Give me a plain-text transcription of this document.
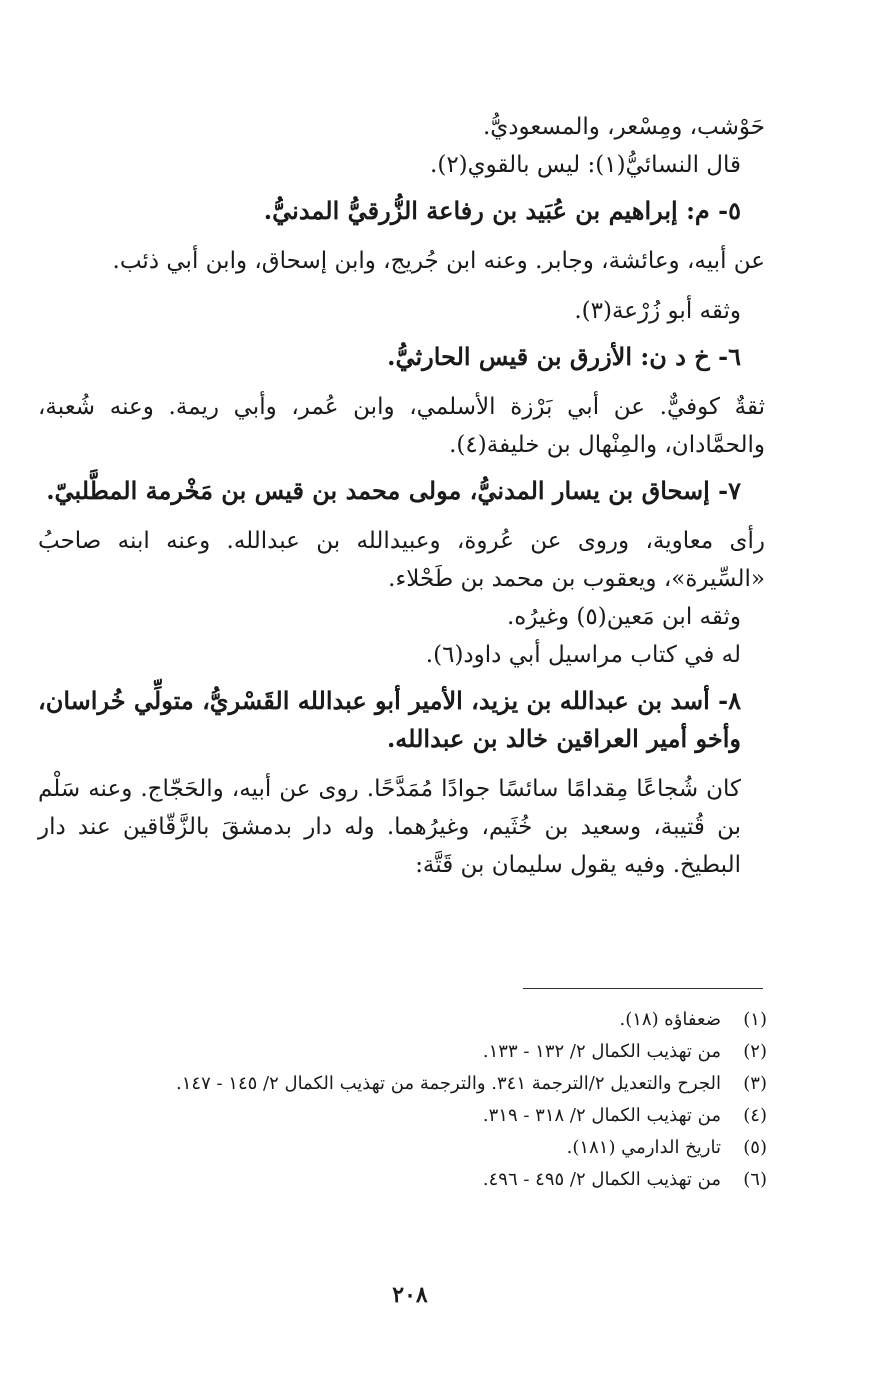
حَوْشب، ومِسْعر، والمسعوديُّ.

قال النسائيُّ(١): ليس بالقوي(٢).

٥- م: إبراهيم بن عُبَيد بن رفاعة الزُّرقيُّ المدنيُّ.

عن أبيه، وعائشة، وجابر. وعنه ابن جُريج، وابن إسحاق، وابن أبي ذئب.

وثقه أبو زُرْعة(٣).

٦- خ د ن: الأزرق بن قيس الحارثيُّ.

ثقةٌ كوفيٌّ. عن أبي بَرْزة الأسلمي، وابن عُمر، وأبي ريمة. وعنه شُعبة، والحمَّادان، والمِنْهال بن خليفة(٤).

٧- إسحاق بن يسار المدنيُّ، مولى محمد بن قيس بن مَخْرمة المطَّلبيّ.

رأى معاوية، وروى عن عُروة، وعبيدالله بن عبدالله. وعنه ابنه صاحبُ «السِّيرة»، ويعقوب بن محمد بن طَحْلاء.

وثقه ابن مَعين(٥) وغيرُه.

له في كتاب مراسيل أبي داود(٦).

٨- أسد بن عبدالله بن يزيد، الأمير أبو عبدالله القَسْريُّ، متولِّي خُراسان، وأخو أمير العراقين خالد بن عبدالله.

كان شُجاعًا مِقدامًا سائسًا جوادًا مُمَدَّحًا. روى عن أبيه، والحَجّاج. وعنه سَلْم بن قُتيبة، وسعيد بن خُثَيم، وغيرُهما. وله دار بدمشقَ بالزَّقّاقين عند دار البطيخ. وفيه يقول سليمان بن قَتَّة:

(١)
ضعفاؤه (١٨).
(٢)
من تهذيب الكمال ٢/ ١٣٢ - ١٣٣.
(٣)
الجرح والتعديل ٢/الترجمة ٣٤١. والترجمة من تهذيب الكمال ٢/ ١٤٥ - ١٤٧.
(٤)
من تهذيب الكمال ٢/ ٣١٨ - ٣١٩.
(٥)
تاريخ الدارمي (١٨١).
(٦)
من تهذيب الكمال ٢/ ٤٩٥ - ٤٩٦.
٢٠٨
